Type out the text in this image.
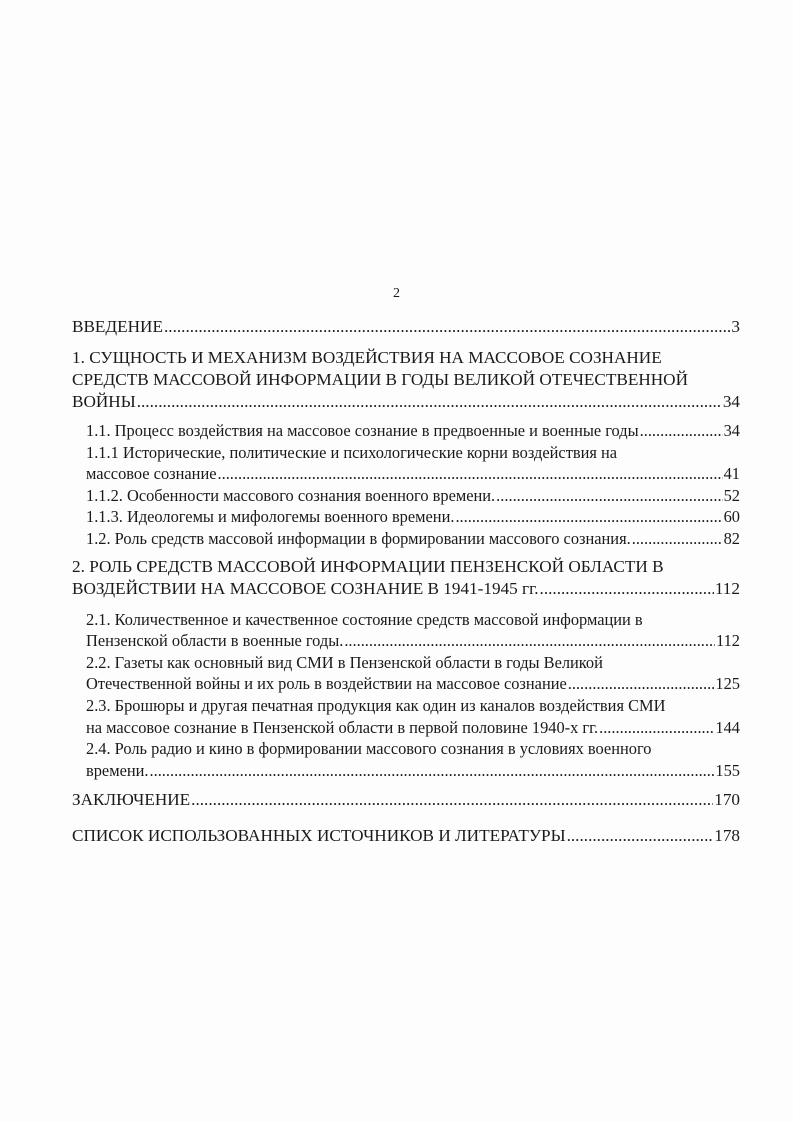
2
ВВЕДЕНИЕ .....	3
1. СУЩНОСТЬ И МЕХАНИЗМ ВОЗДЕЙСТВИЯ НА МАССОВОЕ СОЗНАНИЕ
СРЕДСТВ МАССОВОЙ ИНФОРМАЦИИ В ГОДЫ ВЕЛИКОЙ ОТЕЧЕСТВЕННОЙ
ВОЙНЫ .....	34
1.1. Процесс воздействия на массовое сознание в предвоенные и военные годы .....	34
1.1.1 Исторические, политические и психологические корни воздействия на
массовое сознание .....	41
1.1.2. Особенности массового сознания военного времени. .....	52
1.1.3. Идеологемы и мифологемы военного времени. .....	60
1.2. Роль средств массовой информации в формировании массового сознания. .....	82
2. РОЛЬ СРЕДСТВ МАССОВОЙ ИНФОРМАЦИИ ПЕНЗЕНСКОЙ ОБЛАСТИ В
ВОЗДЕЙСТВИИ НА МАССОВОЕ СОЗНАНИЕ В 1941-1945 гг. .....	112
2.1. Количественное и качественное состояние средств массовой информации в
Пензенской области в военные годы. .....	112
2.2. Газеты как основный вид СМИ в Пензенской области в годы Великой
Отечественной войны и их роль в воздействии на массовое сознание .....	125
2.3. Брошюры и другая печатная продукция как один из каналов воздействия СМИ
на массовое сознание в Пензенской области в первой половине 1940-х гг. .....	144
2.4. Роль радио и кино в формировании массового сознания в условиях военного
времени. .....	155
ЗАКЛЮЧЕНИЕ .....	170
СПИСОК ИСПОЛЬЗОВАННЫХ ИСТОЧНИКОВ И ЛИТЕРАТУРЫ .....	178
